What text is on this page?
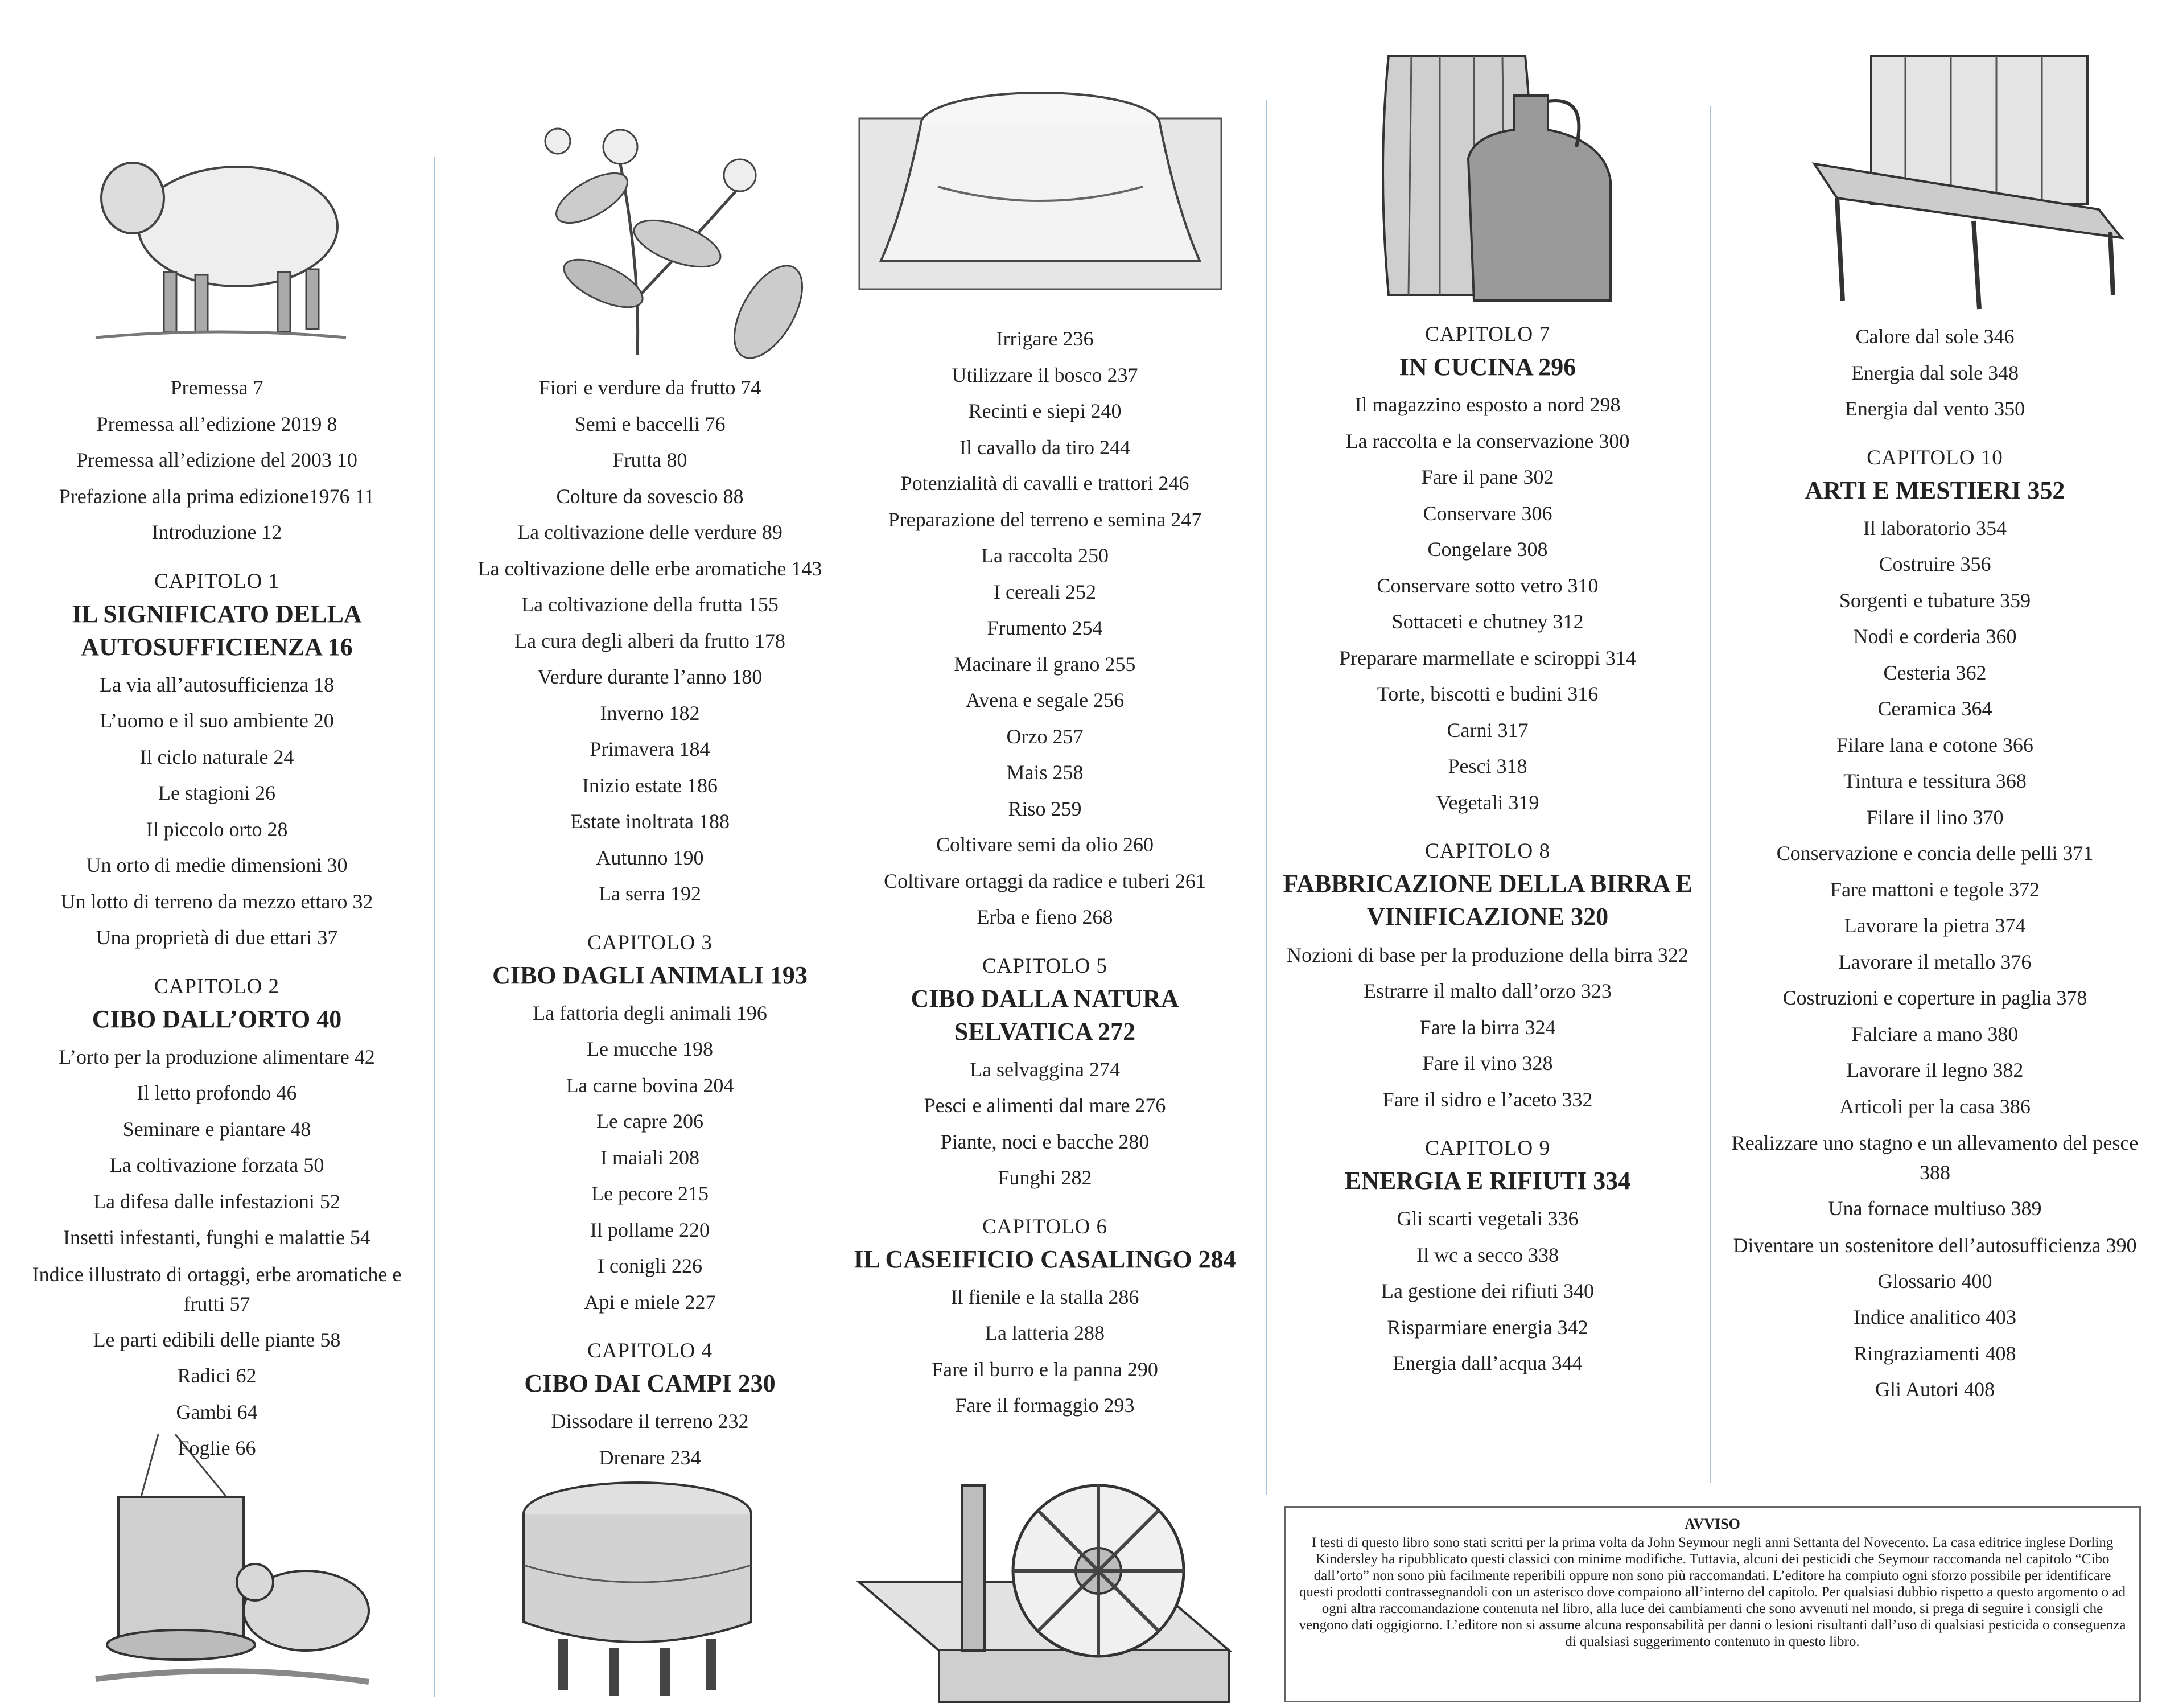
Premessa 7
Premessa all’edizione 2019 8
Premessa all’edizione del 2003 10
Prefazione alla prima edizione1976 11
Introduzione 12
CAPITOLO 1
IL SIGNIFICATO DELLA AUTOSUFFICIENZA 16
La via all’autosufficienza 18
L’uomo e il suo ambiente 20
Il ciclo naturale 24
Le stagioni 26
Il piccolo orto 28
Un orto di medie dimensioni 30
Un lotto di terreno da mezzo ettaro 32
Una proprietà di due ettari 37
CAPITOLO 2
CIBO DALL’ORTO 40
L’orto per la produzione alimentare 42
Il letto profondo 46
Seminare e piantare 48
La coltivazione forzata 50
La difesa dalle infestazioni 52
Insetti infestanti, funghi e malattie 54
Indice illustrato di ortaggi, erbe aromatiche e frutti 57
Le parti edibili delle piante 58
Radici 62
Gambi 64
Foglie 66
Fiori e verdure da frutto 74
Semi e baccelli 76
Frutta 80
Colture da sovescio 88
La coltivazione delle verdure 89
La coltivazione delle erbe aromatiche 143
La coltivazione della frutta 155
La cura degli alberi da frutto 178
Verdure durante l’anno 180
Inverno 182
Primavera 184
Inizio estate 186
Estate inoltrata 188
Autunno 190
La serra 192
CAPITOLO 3
CIBO DAGLI ANIMALI 193
La fattoria degli animali 196
Le mucche 198
La carne bovina 204
Le capre 206
I maiali 208
Le pecore 215
Il pollame 220
I conigli 226
Api e miele 227
CAPITOLO 4
CIBO DAI CAMPI 230
Dissodare il terreno 232
Drenare 234
Irrigare 236
Utilizzare il bosco 237
Recinti e siepi 240
Il cavallo da tiro 244
Potenzialità di cavalli e trattori 246
Preparazione del terreno e semina 247
La raccolta 250
I cereali 252
Frumento 254
Macinare il grano 255
Avena e segale 256
Orzo 257
Mais 258
Riso 259
Coltivare semi da olio 260
Coltivare ortaggi da radice e tuberi 261
Erba e fieno 268
CAPITOLO 5
CIBO DALLA NATURA SELVATICA 272
La selvaggina 274
Pesci e alimenti dal mare 276
Piante, noci e bacche 280
Funghi 282
CAPITOLO 6
IL CASEIFICIO CASALINGO 284
Il fienile e la stalla 286
La latteria 288
Fare il burro e la panna 290
Fare il formaggio 293
CAPITOLO 7
IN CUCINA 296
Il magazzino esposto a nord 298
La raccolta e la conservazione 300
Fare il pane 302
Conservare 306
Congelare 308
Conservare sotto vetro 310
Sottaceti e chutney 312
Preparare marmellate e sciroppi 314
Torte, biscotti e budini 316
Carni 317
Pesci 318
Vegetali 319
CAPITOLO 8
FABBRICAZIONE DELLA BIRRA E VINIFICAZIONE 320
Nozioni di base per la produzione della birra 322
Estrarre il malto dall’orzo 323
Fare la birra 324
Fare il vino 328
Fare il sidro e l’aceto 332
CAPITOLO 9
ENERGIA E RIFIUTI 334
Gli scarti vegetali 336
Il wc a secco 338
La gestione dei rifiuti 340
Risparmiare energia 342
Energia dall’acqua 344
Calore dal sole 346
Energia dal sole 348
Energia dal vento 350
CAPITOLO 10
ARTI E MESTIERI 352
Il laboratorio 354
Costruire 356
Sorgenti e tubature 359
Nodi e corderia 360
Cesteria 362
Ceramica 364
Filare lana e cotone 366
Tintura e tessitura 368
Filare il lino 370
Conservazione e concia delle pelli 371
Fare mattoni e tegole 372
Lavorare la pietra 374
Lavorare il metallo 376
Costruzioni e coperture in paglia 378
Falciare a mano 380
Lavorare il legno 382
Articoli per la casa 386
Realizzare uno stagno e un allevamento del pesce 388
Una fornace multiuso 389
Diventare un sostenitore dell’autosufficienza 390
Glossario 400
Indice analitico 403
Ringraziamenti 408
Gli Autori 408
AVVISO
I testi di questo libro sono stati scritti per la prima volta da John Seymour negli anni Settanta del Novecento. La casa editrice inglese Dorling Kindersley ha ripubblicato questi classici con minime modifiche. Tuttavia, alcuni dei pesticidi che Seymour raccomanda nel capitolo “Cibo dall’orto” non sono più facilmente reperibili oppure non sono più raccomandati. L’editore ha compiuto ogni sforzo possibile per identificare questi prodotti contrassegnandoli con un asterisco dove compaiono all’interno del capitolo. Per qualsiasi dubbio rispetto a questo argomento o ad ogni altra raccomandazione contenuta nel libro, alla luce dei cambiamenti che sono avvenuti nel mondo, si prega di seguire i consigli che vengono dati oggigiorno. L’editore non si assume alcuna responsabilità per danni o lesioni risultanti dall’uso di qualsiasi pesticida o conseguenza di qualsiasi suggerimento contenuto in questo libro.
